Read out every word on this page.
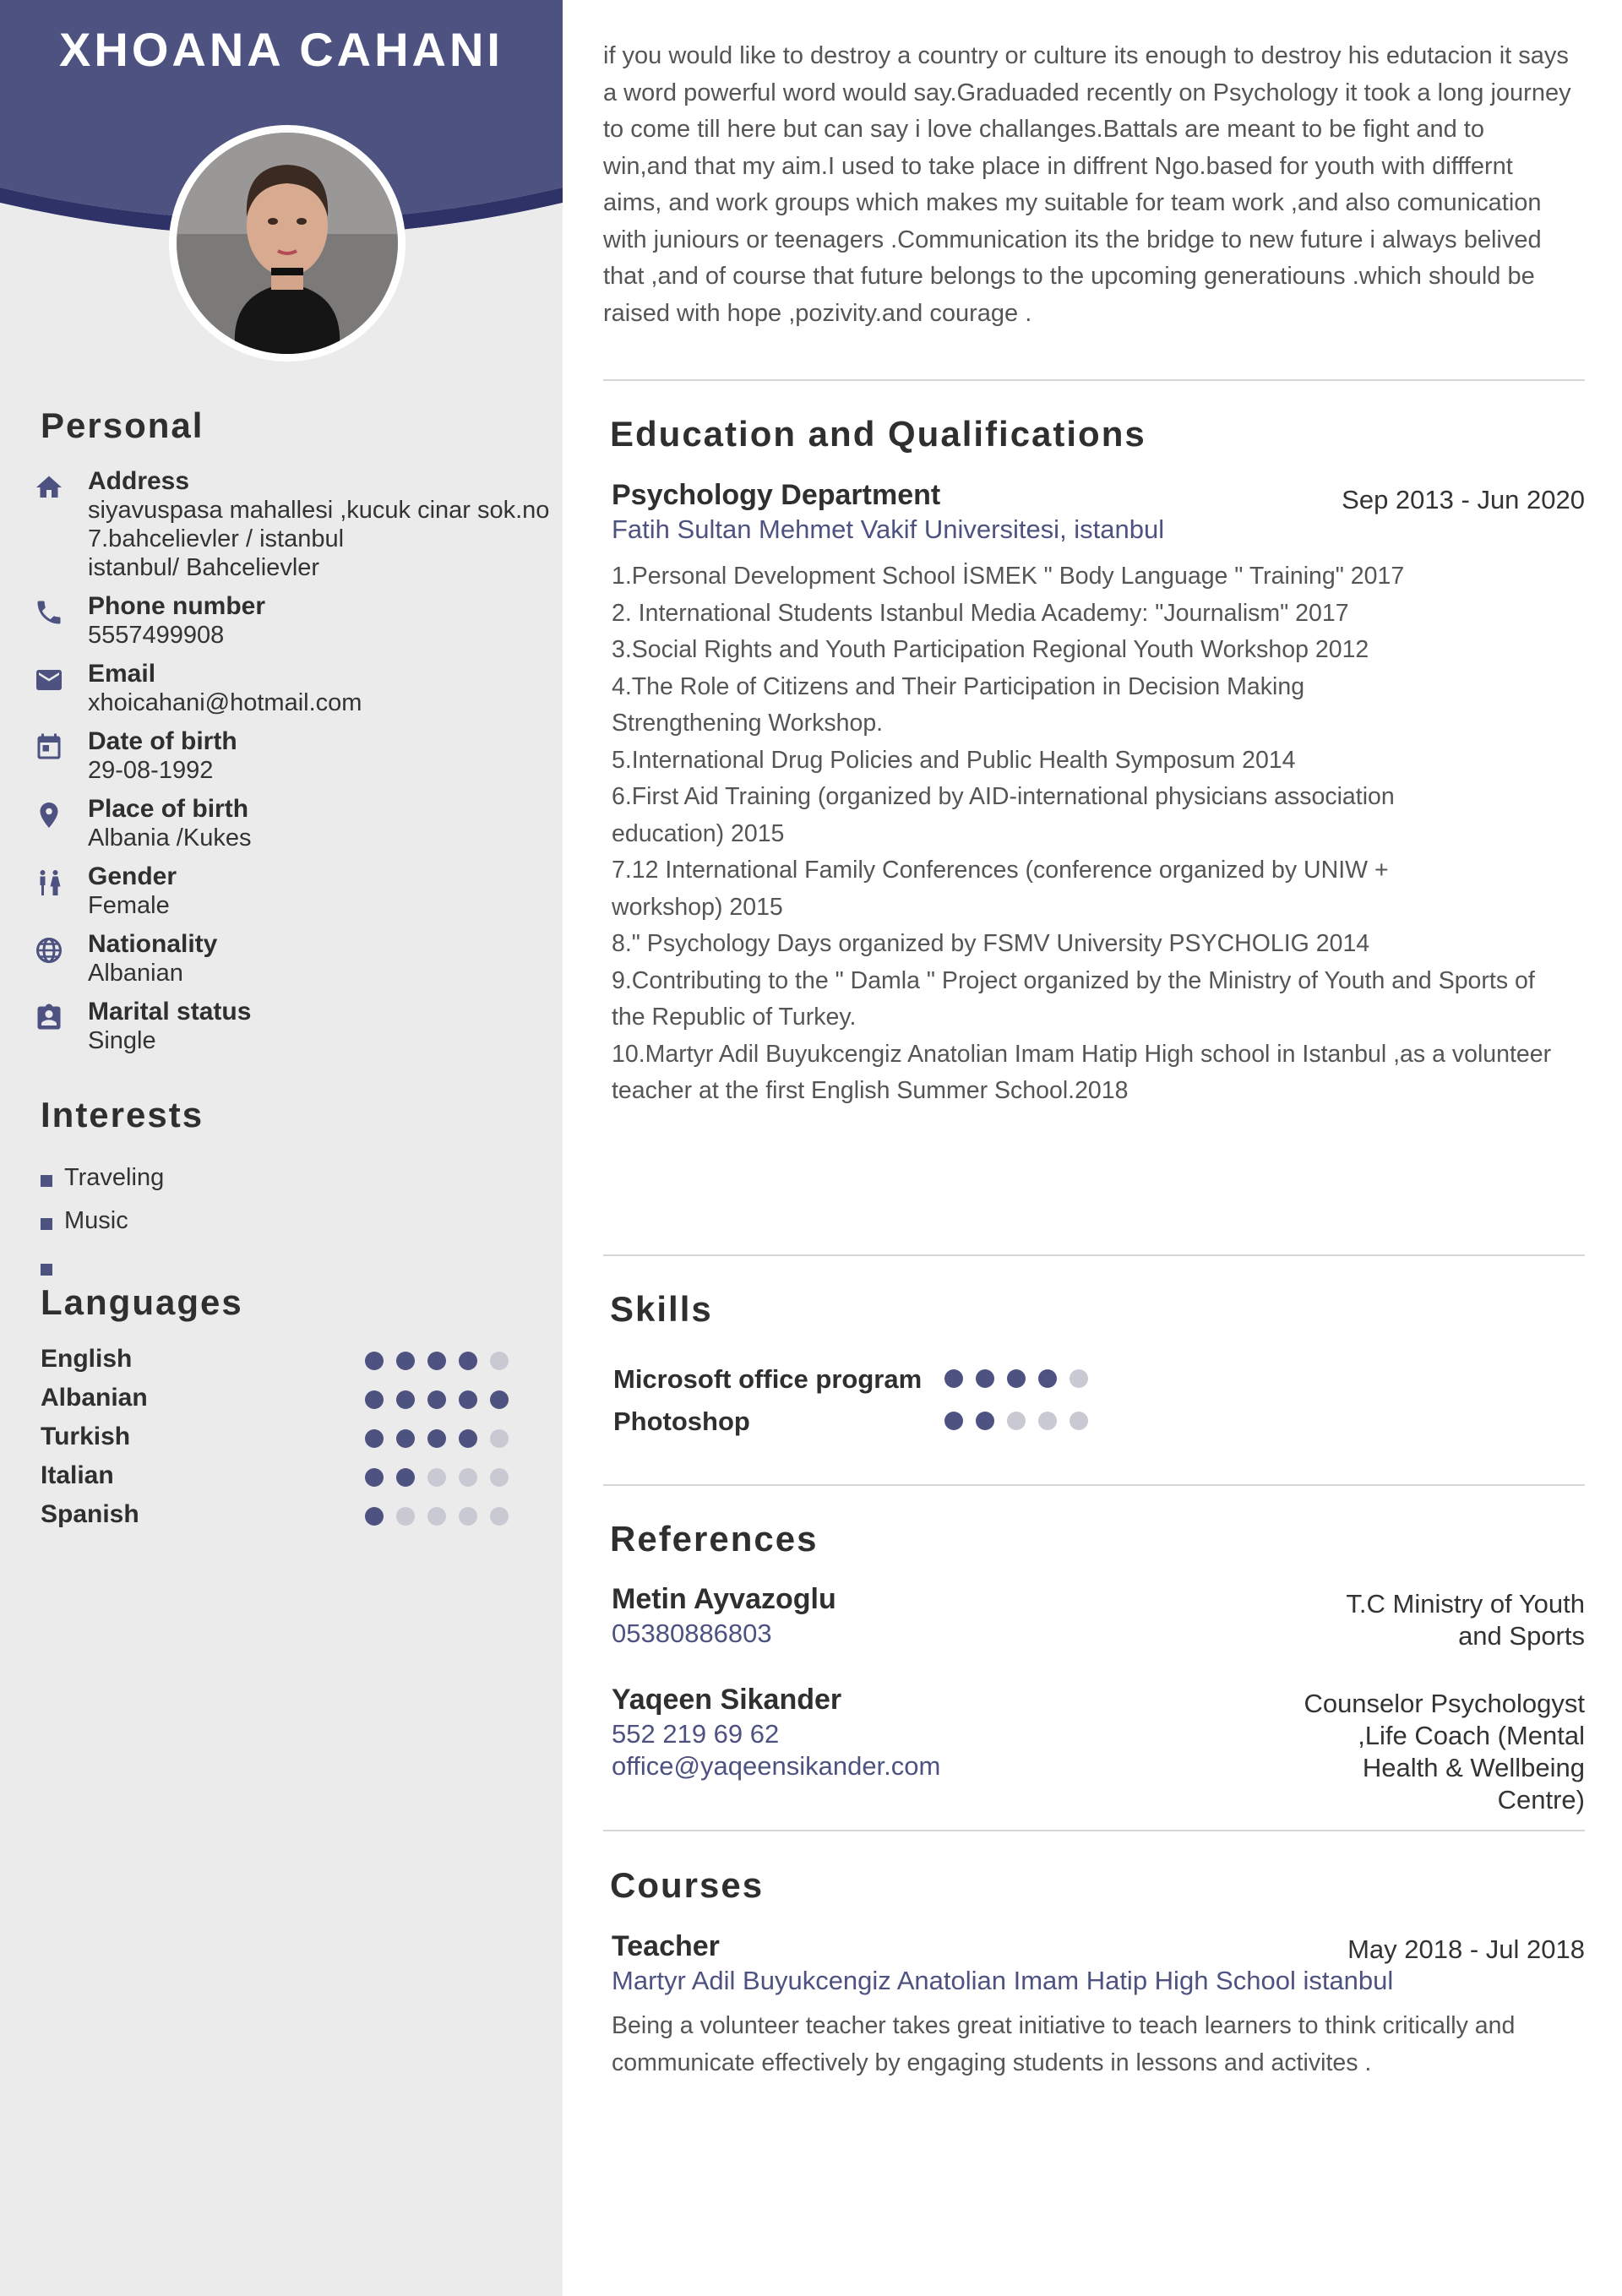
XHOANA CAHANI
Personal
Address
siyavuspasa mahallesi ,kucuk cinar sok.no
7.bahcelievler / istanbul
istanbul/ Bahcelievler
Phone number
5557499908
Email
xhoicahani@hotmail.com
Date of birth
29-08-1992
Place of birth
Albania /Kukes
Gender
Female
Nationality
Albanian
Marital status
Single
Interests
Traveling
Music
Languages
English
Albanian
Turkish
Italian
Spanish
if you would like to destroy a country or culture its enough to destroy his edutacion it says a word powerful word would say.Graduaded recently on Psychology it took a long journey to come till here but can say i love challanges.Battals are meant to be fight and to win,and that my aim.I used to take place in diffrent Ngo.based for youth with difffernt aims, and work groups which makes my suitable for team work ,and also comunication with juniours or teenagers .Communication its the bridge to new future i always belived that ,and of course that future belongs to the upcoming generatiouns .which should be raised with hope ,pozivity.and courage .
Education and Qualifications
Psychology Department	Sep 2013 - Jun 2020
Fatih Sultan Mehmet Vakif Universitesi, istanbul
1.Personal Development School İSMEK " Body Language " Training" 2017
2. International Students Istanbul Media Academy: "Journalism" 2017
3.Social Rights and Youth Participation Regional Youth Workshop 2012
4.The Role of Citizens and Their Participation in Decision Making
Strengthening Workshop.
5.International Drug Policies and Public Health Symposum 2014
6.First Aid Training (organized by AID-international physicians association
education) 2015
7.12 International Family Conferences (conference organized by UNIW +
workshop) 2015
8." Psychology Days organized by FSMV University PSYCHOLIG 2014
9.Contributing to the " Damla " Project organized by the Ministry of Youth and Sports of
the Republic of Turkey.
10.Martyr Adil Buyukcengiz Anatolian Imam Hatip High school in Istanbul ,as a volunteer
teacher at the first English Summer School.2018
Skills
Microsoft office program
Photoshop
References
Metin Ayvazoglu
05380886803
T.C Ministry of Youth
and Sports
Yaqeen Sikander
552 219 69 62
office@yaqeensikander.com
Counselor Psychologyst
,Life Coach (Mental
Health & Wellbeing
Centre)
Courses
Teacher	May 2018 - Jul 2018
Martyr Adil Buyukcengiz Anatolian Imam Hatip High School istanbul
Being a volunteer teacher takes great initiative to teach learners to think critically and
communicate effectively by engaging students in lessons and activites .
